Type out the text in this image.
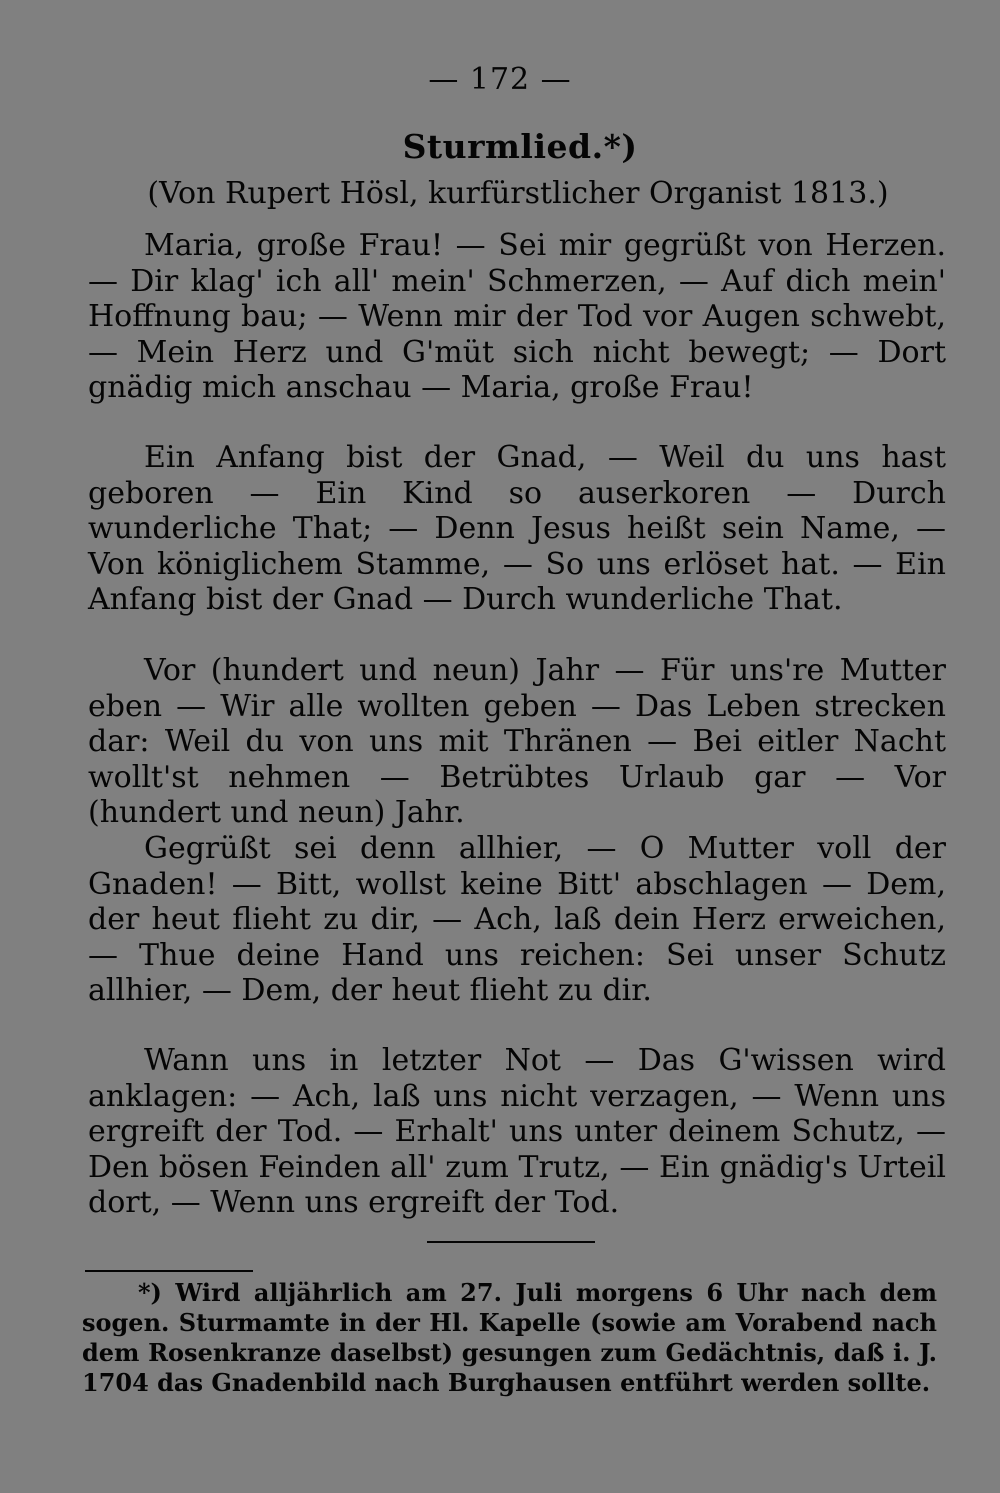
— 172 —
Sturmlied.*)
(Von Rupert Hösl, kurfürstlicher Organist 1813.)
Maria, große Frau! — Sei mir gegrüßt von Herzen. — Dir klag' ich all' mein' Schmerzen, — Auf dich mein' Hoffnung bau; — Wenn mir der Tod vor Augen schwebt, — Mein Herz und G'müt sich nicht bewegt; — Dort gnädig mich anschau — Maria, große Frau!
Ein Anfang bist der Gnad, — Weil du uns hast geboren — Ein Kind so auserkoren — Durch wunderliche That; — Denn Jesus heißt sein Name, — Von königlichem Stamme, — So uns erlöset hat. — Ein Anfang bist der Gnad — Durch wunderliche That.
Vor (hundert und neun) Jahr — Für uns're Mutter eben — Wir alle wollten geben — Das Leben strecken dar: Weil du von uns mit Thränen — Bei eitler Nacht wollt'st nehmen — Betrübtes Urlaub gar — Vor (hundert und neun) Jahr.
Gegrüßt sei denn allhier, — O Mutter voll der Gnaden! — Bitt, wollst keine Bitt' abschlagen — Dem, der heut flieht zu dir, — Ach, laß dein Herz erweichen, — Thue deine Hand uns reichen: Sei unser Schutz allhier, — Dem, der heut flieht zu dir.
Wann uns in letzter Not — Das G'wissen wird anklagen: — Ach, laß uns nicht verzagen, — Wenn uns ergreift der Tod. — Erhalt' uns unter deinem Schutz, — Den bösen Feinden all' zum Trutz, — Ein gnädig's Urteil dort, — Wenn uns ergreift der Tod.
*) Wird alljährlich am 27. Juli morgens 6 Uhr nach dem sogen. Sturmamte in der Hl. Kapelle (sowie am Vorabend nach dem Rosenkranze daselbst) gesungen zum Gedächtnis, daß i. J. 1704 das Gnadenbild nach Burghausen entführt werden sollte.
